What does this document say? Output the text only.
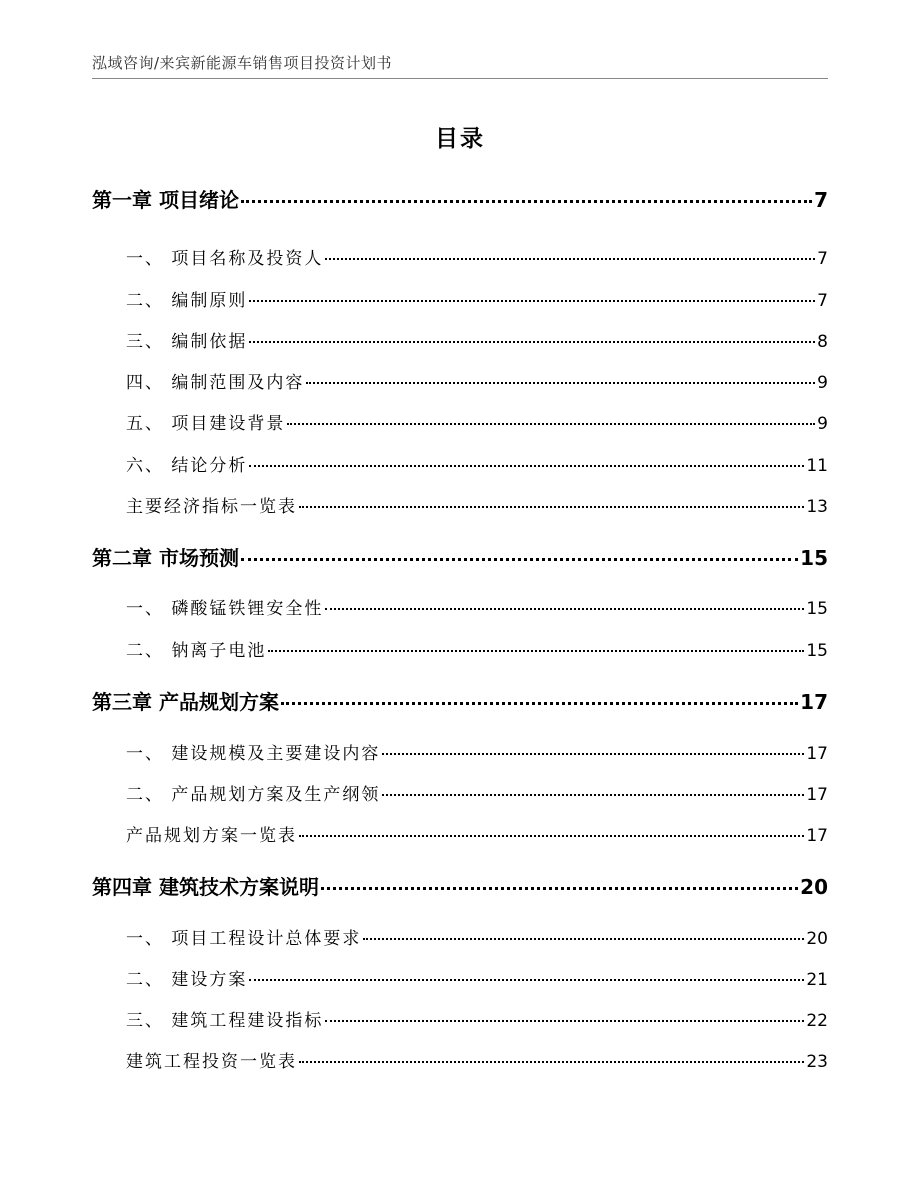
泓域咨询/来宾新能源车销售项目投资计划书
目录
第一章 项目绪论	7
一、 项目名称及投资人	7
二、 编制原则	7
三、 编制依据	8
四、 编制范围及内容	9
五、 项目建设背景	9
六、 结论分析	11
主要经济指标一览表	13
第二章 市场预测	15
一、 磷酸锰铁锂安全性	15
二、 钠离子电池	15
第三章 产品规划方案	17
一、 建设规模及主要建设内容	17
二、 产品规划方案及生产纲领	17
产品规划方案一览表	17
第四章 建筑技术方案说明	20
一、 项目工程设计总体要求	20
二、 建设方案	21
三、 建筑工程建设指标	22
建筑工程投资一览表	23
